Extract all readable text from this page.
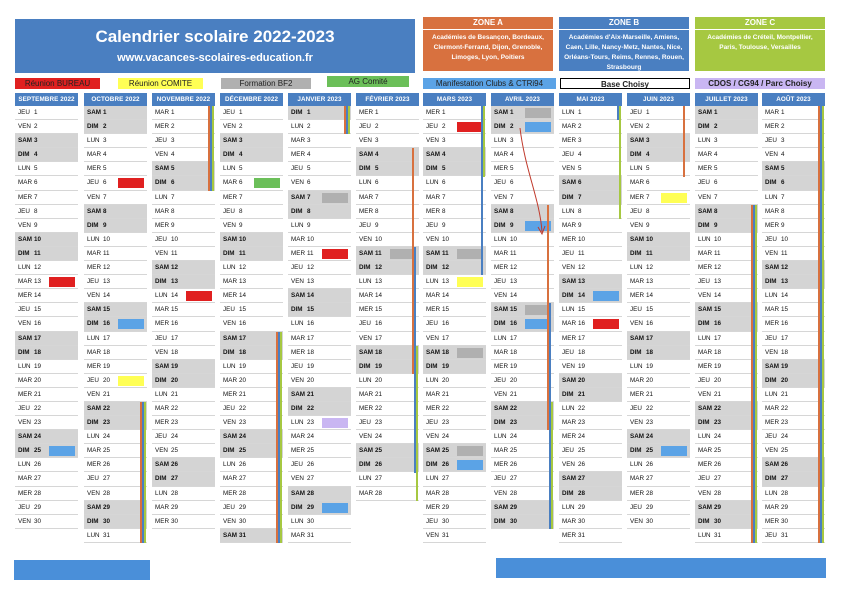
Calendrier scolaire 2022-2023
www.vacances-scolaires-education.fr
ZONE A
Académies de Besançon, Bordeaux, Clermont-Ferrand, Dijon, Grenoble, Limoges, Lyon, Poitiers
ZONE B
Académies d'Aix-Marseille, Amiens, Caen, Lille, Nancy-Metz, Nantes, Nice, Orléans-Tours, Reims, Rennes, Rouen, Strasbourg
ZONE C
Académies de Créteil, Montpellier, Paris, Toulouse, Versailles
Réunion BUREAU	Réunion COMITE	Formation BF2	AG Comité	Manifestation Clubs & CTRi94	Base Choisy	CDOS / CG94 / Parc Choisy
SEPTEMBRE 2022
JEU 1
VEN 2
SAM 3
DIM 4
LUN 5
MAR 6
MER 7
JEU 8
VEN 9
SAM 10
DIM 11
LUN 12
MAR 13
MER 14
JEU 15
VEN 16
SAM 17
DIM 18
LUN 19
MAR 20
MER 21
JEU 22
VEN 23
SAM 24
DIM 25
LUN 26
MAR 27
MER 28
JEU 29
VEN 30
OCTOBRE 2022
SAM 1
DIM 2
LUN 3
MAR 4
MER 5
JEU 6
VEN 7
SAM 8
DIM 9
LUN 10
MAR 11
MER 12
JEU 13
VEN 14
SAM 15
DIM 16
LUN 17
MAR 18
MER 19
JEU 20
VEN 21
SAM 22
DIM 23
LUN 24
MAR 25
MER 26
JEU 27
VEN 28
SAM 29
DIM 30
LUN 31
NOVEMBRE 2022
MAR 1
MER 2
JEU 3
VEN 4
SAM 5
DIM 6
LUN 7
MAR 8
MER 9
JEU 10
VEN 11
SAM 12
DIM 13
LUN 14
MAR 15
MER 16
JEU 17
VEN 18
SAM 19
DIM 20
LUN 21
MAR 22
MER 23
JEU 24
VEN 25
SAM 26
DIM 27
LUN 28
MAR 29
MER 30
DÉCEMBRE 2022
JEU 1
VEN 2
SAM 3
DIM 4
LUN 5
MAR 6
MER 7
JEU 8
VEN 9
SAM 10
DIM 11
LUN 12
MAR 13
MER 14
JEU 15
VEN 16
SAM 17
DIM 18
LUN 19
MAR 20
MER 21
JEU 22
VEN 23
SAM 24
DIM 25
LUN 26
MAR 27
MER 28
JEU 29
VEN 30
SAM 31
JANVIER 2023
DIM 1
LUN 2
MAR 3
MER 4
JEU 5
VEN 6
SAM 7
DIM 8
LUN 9
MAR 10
MER 11
JEU 12
VEN 13
SAM 14
DIM 15
LUN 16
MAR 17
MER 18
JEU 19
VEN 20
SAM 21
DIM 22
LUN 23
MAR 24
MER 25
JEU 26
VEN 27
SAM 28
DIM 29
LUN 30
MAR 31
FÉVRIER 2023
MER 1
JEU 2
VEN 3
SAM 4
DIM 5
LUN 6
MAR 7
MER 8
JEU 9
VEN 10
SAM 11
DIM 12
LUN 13
MAR 14
MER 15
JEU 16
VEN 17
SAM 18
DIM 19
LUN 20
MAR 21
MER 22
JEU 23
VEN 24
SAM 25
DIM 26
LUN 27
MAR 28
MARS 2023
MER 1
JEU 2
VEN 3
SAM 4
DIM 5
LUN 6
MAR 7
MER 8
JEU 9
VEN 10
SAM 11
DIM 12
LUN 13
MAR 14
MER 15
JEU 16
VEN 17
SAM 18
DIM 19
LUN 20
MAR 21
MER 22
JEU 23
VEN 24
SAM 25
DIM 26
LUN 27
MAR 28
MER 29
JEU 30
VEN 31
AVRIL 2023
SAM 1
DIM 2
LUN 3
MAR 4
MER 5
JEU 6
VEN 7
SAM 8
DIM 9
LUN 10
MAR 11
MER 12
JEU 13
VEN 14
SAM 15
DIM 16
LUN 17
MAR 18
MER 19
JEU 20
VEN 21
SAM 22
DIM 23
LUN 24
MAR 25
MER 26
JEU 27
VEN 28
SAM 29
DIM 30
MAI 2023
LUN 1
MAR 2
MER 3
JEU 4
VEN 5
SAM 6
DIM 7
LUN 8
MAR 9
MER 10
JEU 11
VEN 12
SAM 13
DIM 14
LUN 15
MAR 16
MER 17
JEU 18
VEN 19
SAM 20
DIM 21
LUN 22
MAR 23
MER 24
JEU 25
VEN 26
SAM 27
DIM 28
LUN 29
MAR 30
MER 31
JUIN 2023
JEU 1
VEN 2
SAM 3
DIM 4
LUN 5
MAR 6
MER 7
JEU 8
VEN 9
SAM 10
DIM 11
LUN 12
MAR 13
MER 14
JEU 15
VEN 16
SAM 17
DIM 18
LUN 19
MAR 20
MER 21
JEU 22
VEN 23
SAM 24
DIM 25
LUN 26
MAR 27
MER 28
JEU 29
VEN 30
JUILLET 2023
SAM 1
DIM 2
LUN 3
MAR 4
MER 5
JEU 6
VEN 7
SAM 8
DIM 9
LUN 10
MAR 11
MER 12
JEU 13
VEN 14
SAM 15
DIM 16
LUN 17
MAR 18
MER 19
JEU 20
VEN 21
SAM 22
DIM 23
LUN 24
MAR 25
MER 26
JEU 27
VEN 28
SAM 29
DIM 30
LUN 31
AOÛT 2023
MAR 1
MER 2
JEU 3
VEN 4
SAM 5
DIM 6
LUN 7
MAR 8
MER 9
JEU 10
VEN 11
SAM 12
DIM 13
LUN 14
MAR 15
MER 16
JEU 17
VEN 18
SAM 19
DIM 20
LUN 21
MAR 22
MER 23
JEU 24
VEN 25
SAM 26
DIM 27
LUN 28
MAR 29
MER 30
JEU 31
